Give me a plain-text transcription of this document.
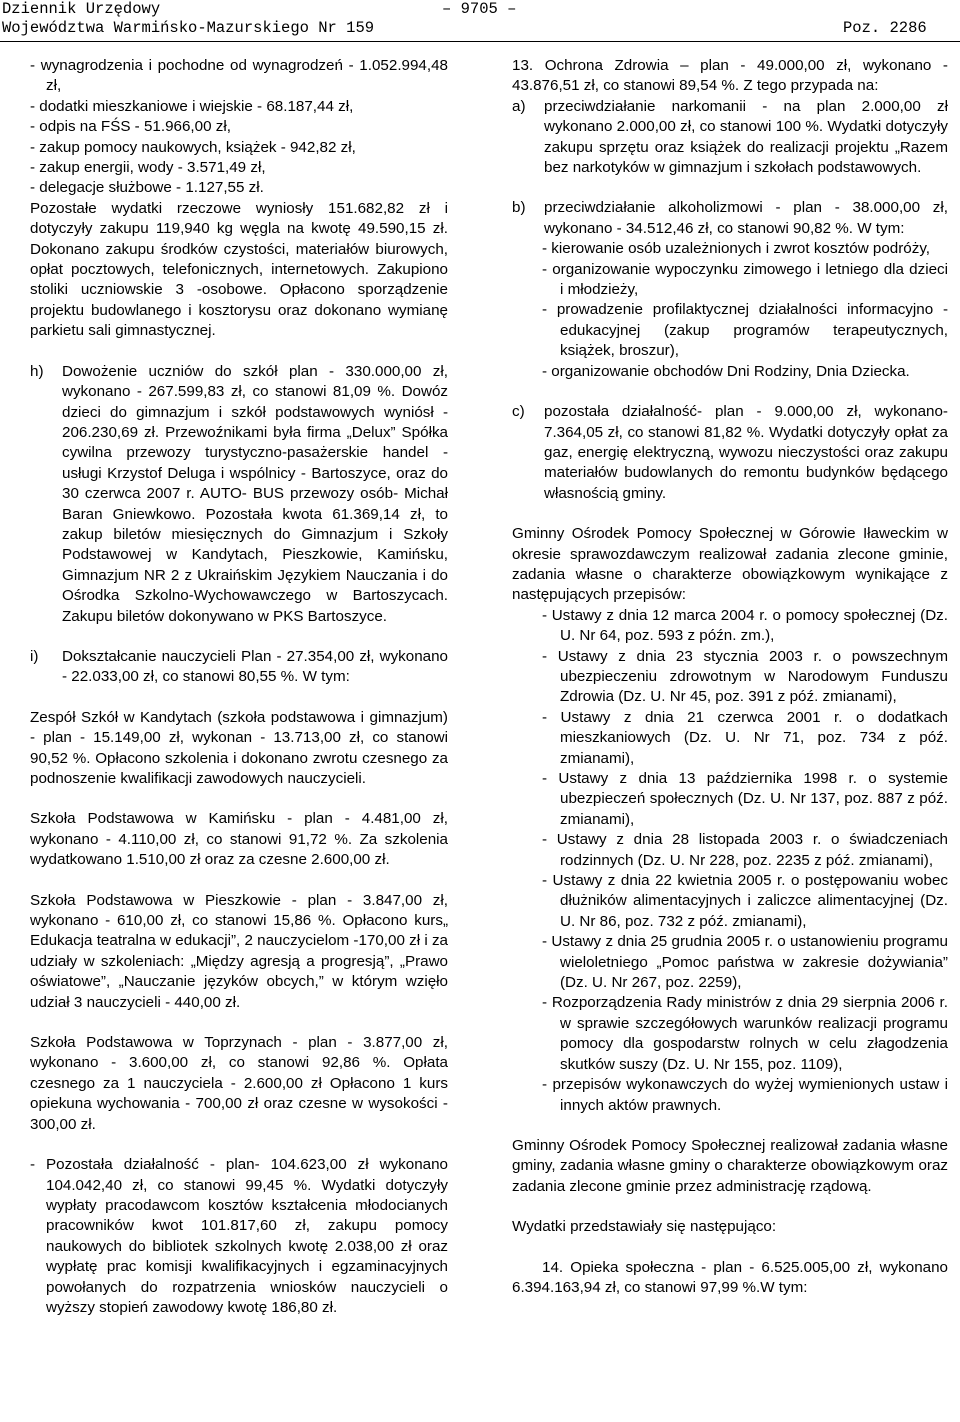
Dziennik Urzędowy
Województwa Warmińsko-Mazurskiego Nr 159
– 9705 –
Poz. 2286

- wynagrodzenia i pochodne od wynagrodzeń - 1.052.994,48 zł,

- dodatki mieszkaniowe i wiejskie - 68.187,44 zł,

- odpis na FŚS - 51.966,00 zł,

- zakup pomocy naukowych, książek - 942,82 zł,

- zakup energii, wody - 3.571,49 zł,

- delegacje służbowe - 1.127,55 zł.

Pozostałe wydatki rzeczowe wyniosły 151.682,82 zł i dotyczyły zakupu 119,940 kg węgla na kwotę 49.590,15 zł. Dokonano zakupu środków czystości, materiałów biurowych, opłat pocztowych, telefonicznych, internetowych. Zakupiono stoliki uczniowskie 3 -osobowe. Opłacono sporządzenie projektu budowlanego i kosztorysu oraz dokonano wymianę parkietu sali gimnastycznej.

h)	Dowożenie uczniów do szkół plan - 330.000,00 zł, wykonano - 267.599,83 zł, co stanowi 81,09 %. Dowóz dzieci do gimnazjum i szkół podstawowych wyniósł - 206.230,69 zł. Przewoźnikami była firma „Delux” Spółka cywilna przewozy turystyczno-pasażerskie handel - usługi Krzystof Deluga i wspólnicy - Bartoszyce, oraz do 30 czerwca 2007 r. AUTO- BUS przewozy osób- Michał Baran Gniewkowo. Pozostała kwota 61.369,14 zł, to zakup biletów miesięcznych do Gimnazjum i Szkoły Podstawowej w Kandytach, Pieszkowie, Kamińsku, Gimnazjum NR 2 z Ukraińskim Językiem Nauczania i do Ośrodka Szkolno-Wychowawczego w Bartoszycach. Zakupu biletów dokonywano w PKS Bartoszyce.
i)	Dokształcanie nauczycieli Plan - 27.354,00 zł, wykonano - 22.033,00 zł, co stanowi 80,55 %. W tym:

Zespół Szkół w Kandytach (szkoła podstawowa i gimnazjum) - plan - 15.149,00 zł, wykonan - 13.713,00 zł, co stanowi 90,52 %. Opłacono szkolenia i dokonano zwrotu czesnego za podnoszenie kwalifikacji zawodowych nauczycieli.

Szkoła Podstawowa w Kamińsku - plan - 4.481,00 zł, wykonano - 4.110,00 zł, co stanowi 91,72 %. Za szkolenia wydatkowano 1.510,00 zł oraz za czesne 2.600,00 zł.

Szkoła Podstawowa w Pieszkowie - plan - 3.847,00 zł, wykonano - 610,00 zł, co stanowi 15,86 %. Opłacono kurs„ Edukacja teatralna w edukacji”, 2 nauczycielom -170,00 zł i za udziały w szkoleniach: „Między agresją a progresją”, „Prawo oświatowe”, „Nauczanie języków obcych,” w którym wzięło udział 3 nauczycieli - 440,00 zł.

Szkoła Podstawowa w Toprzynach - plan - 3.877,00 zł, wykonano - 3.600,00 zł, co stanowi 92,86 %. Opłata czesnego za 1 nauczyciela - 2.600,00 zł Opłacono 1 kurs opiekuna wychowania - 700,00 zł oraz czesne w wysokości - 300,00 zł.

- Pozostała działalność - plan- 104.623,00 zł wykonano 104.042,40 zł, co stanowi 99,45 %. Wydatki dotyczyły wypłaty pracodawcom kosztów kształcenia młodocianych pracowników kwot 101.817,60 zł, zakupu pomocy naukowych do bibliotek szkolnych kwotę 2.038,00 zł oraz wypłatę prac komisji kwalifikacyjnych i egzaminacyjnych powołanych do rozpatrzenia wniosków nauczycieli o wyższy stopień zawodowy kwotę 186,80 zł.

13. Ochrona Zdrowia – plan - 49.000,00 zł, wykonano - 43.876,51 zł, co stanowi 89,54 %. Z tego przypada na:

a)	przeciwdziałanie narkomanii - na plan 2.000,00 zł wykonano 2.000,00 zł, co stanowi 100 %. Wydatki dotyczyły zakupu sprzętu oraz książek do realizacji projektu „Razem bez narkotyków w gimnazjum i szkołach podstawowych.
b)	przeciwdziałanie alkoholizmowi - plan - 38.000,00 zł, wykonano - 34.512,46 zł, co stanowi 90,82 %. W tym:

- kierowanie osób uzależnionych i zwrot kosztów podróży,

- organizowanie wypoczynku zimowego i letniego dla dzieci i młodzieży,

- prowadzenie profilaktycznej działalności informacyjno - edukacyjnej (zakup programów terapeutycznych, książek, broszur),

- organizowanie obchodów Dni Rodziny, Dnia Dziecka.

c)	pozostała działalność- plan - 9.000,00 zł, wykonano- 7.364,05 zł, co stanowi 81,82 %. Wydatki dotyczyły opłat za gaz, energię elektryczną, wywozu nieczystości oraz zakupu materiałów budowlanych do remontu budynków będącego własnością gminy.

Gminny Ośrodek Pomocy Społecznej w Górowie Iławeckim w okresie sprawozdawczym realizował zadania zlecone gminie, zadania własne o charakterze obowiązkowym wynikające z następujących przepisów:

- Ustawy z dnia 12 marca 2004 r. o pomocy społecznej (Dz. U. Nr 64, poz. 593 z późn. zm.),

- Ustawy z dnia 23 stycznia 2003 r. o powszechnym ubezpieczeniu zdrowotnym w Narodowym Funduszu Zdrowia (Dz. U. Nr 45, poz. 391 z póź. zmianami),

- Ustawy z dnia 21 czerwca 2001 r. o dodatkach mieszkaniowych (Dz. U. Nr 71, poz. 734 z póź. zmianami),

- Ustawy z dnia 13 października 1998 r. o systemie ubezpieczeń społecznych (Dz. U. Nr 137, poz. 887 z póź. zmianami),

- Ustawy z dnia 28 listopada 2003 r. o świadczeniach rodzinnych (Dz. U. Nr 228, poz. 2235 z póź. zmianami),

- Ustawy z dnia 22 kwietnia 2005 r. o postępowaniu wobec dłużników alimentacyjnych i zaliczce alimentacyjnej (Dz. U. Nr 86, poz. 732 z póź. zmianami),

- Ustawy z dnia 25 grudnia 2005 r. o ustanowieniu programu wieloletniego „Pomoc państwa w zakresie dożywiania” (Dz. U. Nr 267, poz. 2259),

- Rozporządzenia Rady ministrów z dnia 29 sierpnia 2006 r. w sprawie szczegółowych warunków realizacji programu pomocy dla gospodarstw rolnych w celu złagodzenia skutków suszy (Dz. U. Nr 155, poz. 1109),

- przepisów wykonawczych do wyżej wymienionych ustaw i innych aktów prawnych.

Gminny Ośrodek Pomocy Społecznej realizował zadania własne gminy, zadania własne gminy o charakterze obowiązkowym oraz zadania zlecone gminie przez administrację rządową.

Wydatki przedstawiały się następująco:

14. Opieka społeczna - plan - 6.525.005,00 zł, wykonano 6.394.163,94 zł, co stanowi 97,99 %.W tym:
